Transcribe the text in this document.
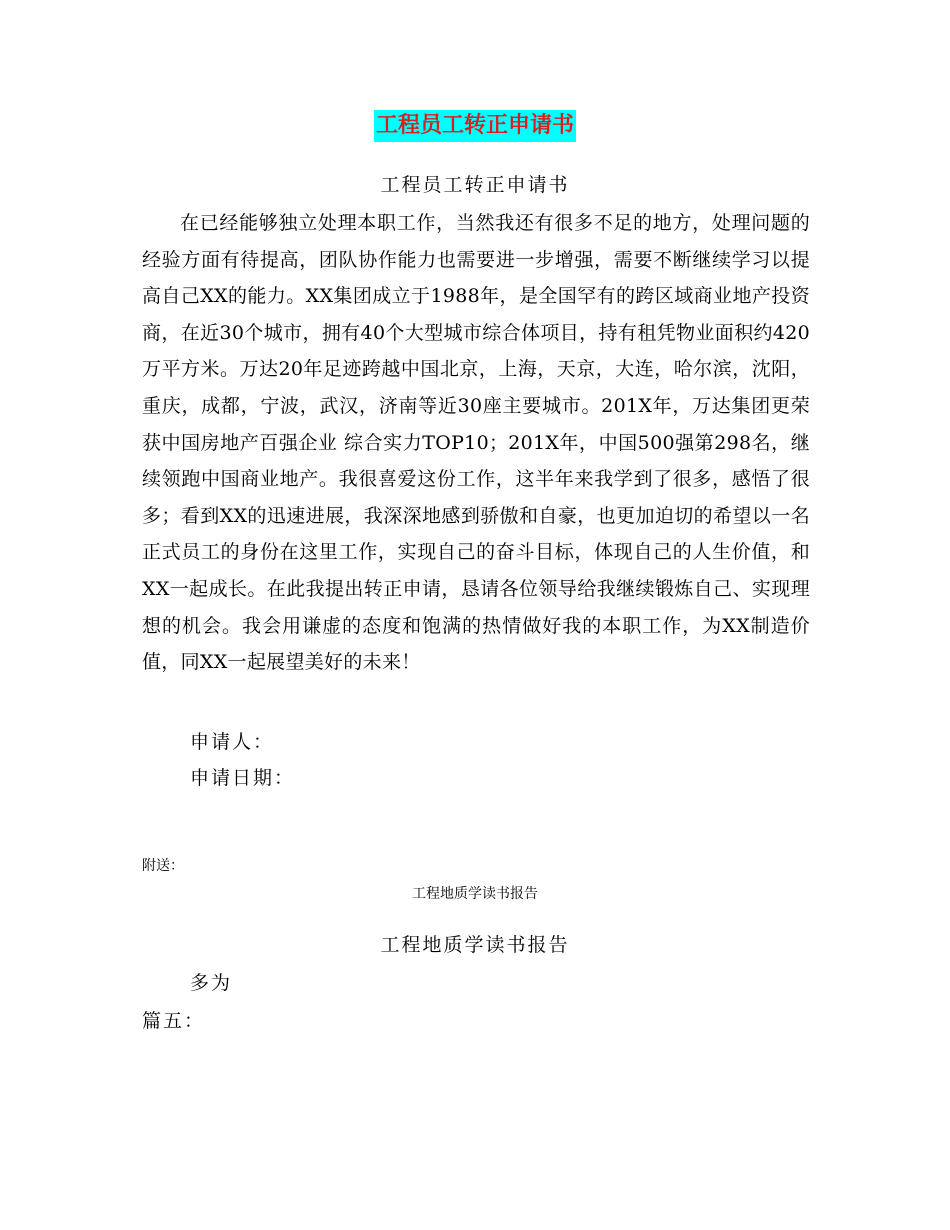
工程员工转正申请书
工程员工转正申请书

在已经能够独立处理本职工作，当然我还有很多不足的地方，处理问题的经验方面有待提高，团队协作能力也需要进一步增强，需要不断继续学习以提高自己XX的能力。XX集团成立于1988年，是全国罕有的跨区域商业地产投资商，在近30个城市，拥有40个大型城市综合体项目，持有租凭物业面积约420万平方米。万达20年足迹跨越中国北京，上海，天京，大连，哈尔滨，沈阳，重庆，成都，宁波，武汉，济南等近30座主要城市。201X年，万达集团更荣获中国房地产百强企业 综合实力TOP10；201X年，中国500强第298名，继续领跑中国商业地产。我很喜爱这份工作，这半年来我学到了很多，感悟了很多；看到XX的迅速进展，我深深地感到骄傲和自豪，也更加迫切的希望以一名正式员工的身份在这里工作，实现自己的奋斗目标，体现自己的人生价值，和XX一起成长。在此我提出转正申请，恳请各位领导给我继续锻炼自己、实现理想的机会。我会用谦虚的态度和饱满的热情做好我的本职工作，为XX制造价值，同XX一起展望美好的未来！

申请人：
申请日期：
附送：
工程地质学读书报告
工程地质学读书报告
多为
篇五：
